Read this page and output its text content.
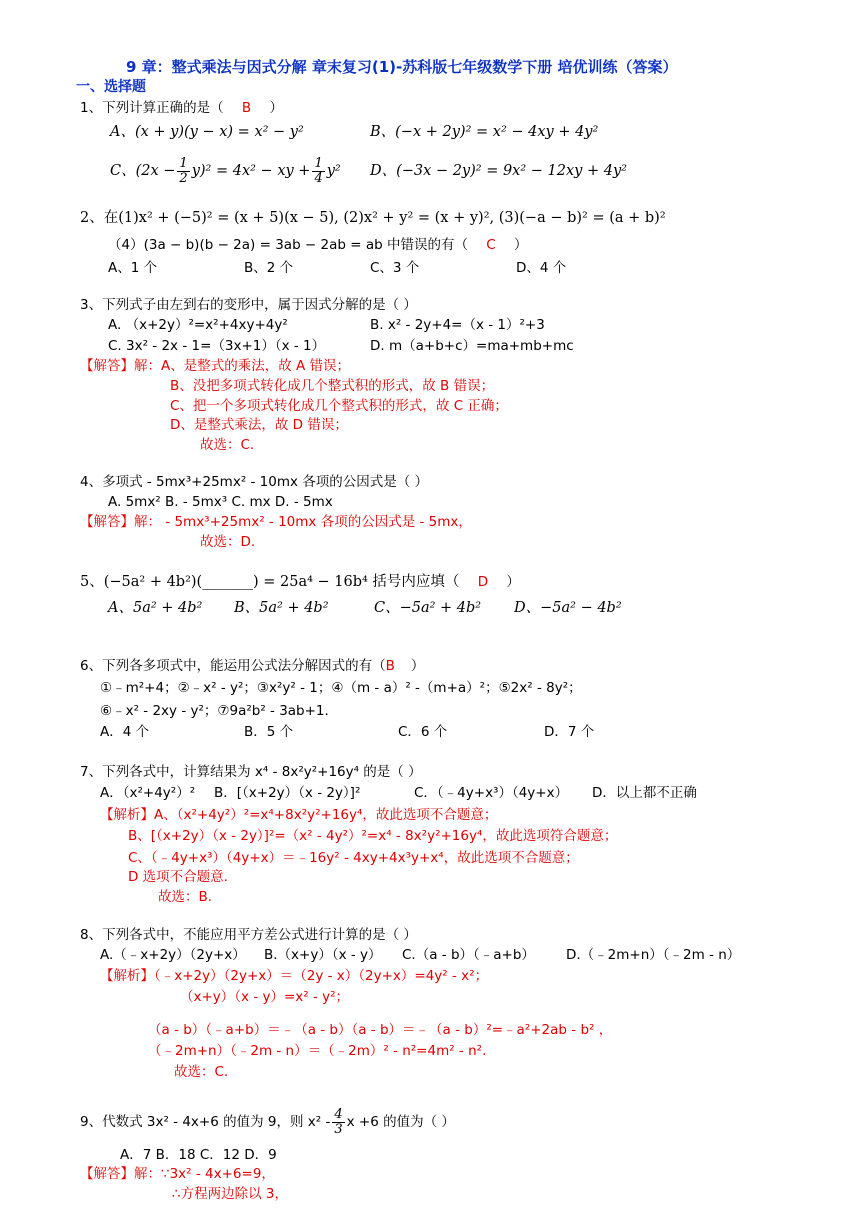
9 章：整式乘法与因式分解 章末复习(1)-苏科版七年级数学下册 培优训练（答案）
一、选择题
1、下列计算正确的是（ B ）
A、(x + y)(y − x) = x² − y²	B、(−x + 2y)² = x² − 4xy + 4y²
C、$(2x - \frac{1}{2} y)^2 = 4x^2$ − xy + $\frac{1}{4} y^2$ D、(−3x − 2y)² = 9x² − 12xy + 4y²
2、在(1)x² + (−5)² = (x + 5)(x − 5), (2)x² + y² = (x + y)², (3)(−a − b)² = (a + b)²
（4）(3a − b)(b − 2a) = 3ab − 2ab = ab 中错误的有（ C ）
A、1 个	B、2 个	C、3 个	D、4 个
3、下列式子由左到右的变形中，属于因式分解的是（ ）
A. （x+2y）²=x²+4xy+4y²	B. x² - 2y+4=（x - 1）²+3
C. 3x² - 2x - 1=（3x+1）（x - 1）	D. m（a+b+c）=ma+mb+mc
【解答】解：A、是整式的乘法，故 A 错误；
B、没把多项式转化成几个整式积的形式，故 B 错误；
C、把一个多项式转化成几个整式积的形式，故 C 正确；
D、是整式乘法，故 D 错误；
故选：C.
4、多项式 - 5mx³+25mx² - 10mx 各项的公因式是（ ）
A. 5mx² B. - 5mx³ C. mx D. - 5mx
【解答】解： - 5mx³+25mx² - 10mx 各项的公因式是 - 5mx，
故选：D.
5、(−5a² + 4b²)(_______) = 25a⁴ − 16b⁴ 括号内应填（ D ）
A、5a² + 4b² B、5a² + 4b²	C、−5a² + 4b² D、−5a² − 4b²
6、下列各多项式中，能运用公式法分解因式的有（B ）
①﹣m²+4；②﹣x² - y²；③x²y² - 1；④（m - a）² -（m+a）²；⑤2x² - 8y²；
⑥﹣x² - 2xy - y²；⑦9a²b² - 3ab+1.
A．4 个	B．5 个	C．6 个	D．7 个
7、下列各式中，计算结果为 x⁴ - 8x²y²+16y⁴ 的是（ ）
A．（x²+4y²）² B．[（x+2y）（x - 2y）]²	C．（﹣4y+x³）（4y+x） D．以上都不正确
【解析】A、（x²+4y²）²=x⁴+8x²y²+16y⁴，故此选项不合题意；
B、[（x+2y）（x - 2y）]²=（x² - 4y²）²=x⁴ - 8x²y²+16y⁴，故此选项符合题意；
C、（﹣4y+x³）（4y+x）＝﹣16y² - 4xy+4x³y+x⁴，故此选项不合题意；
D 选项不合题意.
故选：B.
8、下列各式中，不能应用平方差公式进行计算的是（ ）
A.（﹣x+2y）（2y+x） B.（x+y）（x - y） C.（a - b）（﹣a+b） D.（﹣2m+n）（﹣2m - n）
【解析】（﹣x+2y）（2y+x）＝（2y - x）（2y+x）=4y² - x²；
（x+y）（x - y）=x² - y²；
（a - b）（﹣a+b）＝﹣（a - b）（a - b）＝﹣（a - b）²=﹣a²+2ab - b² ，
（﹣2m+n）（﹣2m - n）＝（﹣2m）² - n²=4m² - n².
故选：C.
9、代数式 3x² - 4x+6 的值为 9，则 $x^2 - \frac{4}{3}$ x +6 的值为（ ）
A．7 B．18 C．12 D．9
【解答】解：∵3x² - 4x+6=9，
∴方程两边除以 3，
